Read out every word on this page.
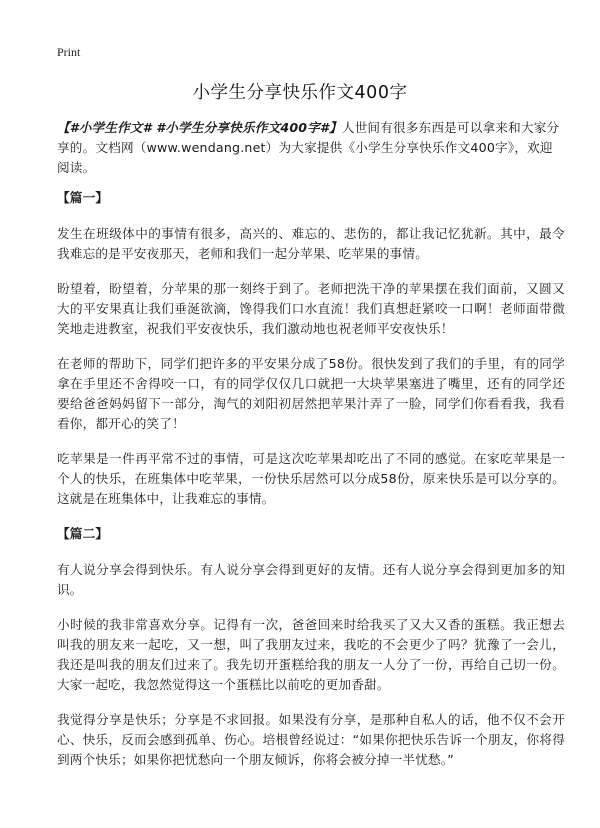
Print
小学生分享快乐作文400字

【#小学生作文# #小学生分享快乐作文400字#】人世间有很多东西是可以拿来和大家分享的。文档网（www.wendang.net）为大家提供《小学生分享快乐作文400字》，欢迎阅读。

【篇一】

发生在班级体中的事情有很多，高兴的、难忘的、悲伤的，都让我记忆犹新。其中，最令我难忘的是平安夜那天，老师和我们一起分苹果、吃苹果的事情。

盼望着，盼望着，分苹果的那一刻终于到了。老师把洗干净的苹果摆在我们面前，又圆又大的平安果真让我们垂涎欲滴，馋得我们口水直流！我们真想赶紧咬一口啊！老师面带微笑地走进教室，祝我们平安夜快乐，我们激动地也祝老师平安夜快乐！

在老师的帮助下，同学们把许多的平安果分成了58份。很快发到了我们的手里，有的同学拿在手里还不舍得咬一口，有的同学仅仅几口就把一大块苹果塞进了嘴里，还有的同学还要给爸爸妈妈留下一部分，淘气的刘阳初居然把苹果汁弄了一脸，同学们你看看我，我看看你，都开心的笑了！

吃苹果是一件再平常不过的事情，可是这次吃苹果却吃出了不同的感觉。在家吃苹果是一个人的快乐，在班集体中吃苹果，一份快乐居然可以分成58份，原来快乐是可以分享的。这就是在班集体中，让我难忘的事情。

【篇二】

有人说分享会得到快乐。有人说分享会得到更好的友情。还有人说分享会得到更加多的知识。

小时候的我非常喜欢分享。记得有一次，爸爸回来时给我买了又大又香的蛋糕。我正想去叫我的朋友来一起吃，又一想，叫了我朋友过来，我吃的不会更少了吗？犹豫了一会儿，我还是叫我的朋友们过来了。我先切开蛋糕给我的朋友一人分了一份，再给自己切一份。大家一起吃，我忽然觉得这一个蛋糕比以前吃的更加香甜。

我觉得分享是快乐；分享是不求回报。如果没有分享，是那种自私人的话，他不仅不会开心、快乐，反而会感到孤单、伤心。培根曾经说过：“如果你把快乐告诉一个朋友，你将得到两个快乐；如果你把忧愁向一个朋友倾诉，你将会被分掉一半忧愁。”
